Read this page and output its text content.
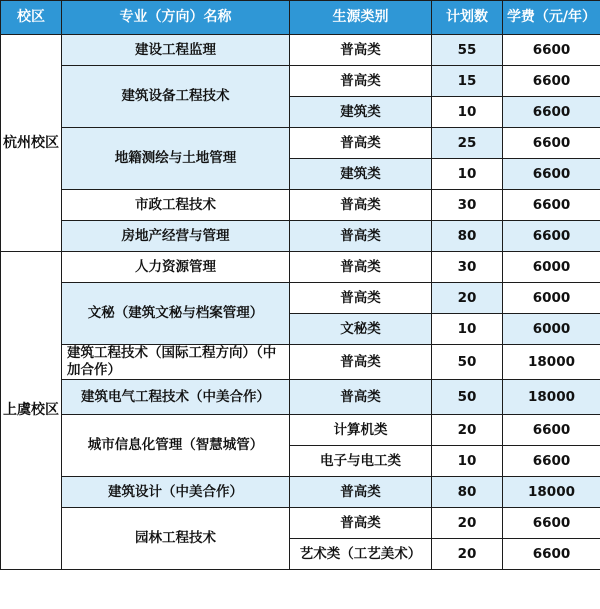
校区	专业（方向）名称	生源类别	计划数	学费（元/年）
杭州校区	建设工程监理	普高类	55	6600
	建筑设备工程技术	普高类	15	6600
		建筑类	10	6600
	地籍测绘与土地管理	普高类	25	6600
		建筑类	10	6600
	市政工程技术	普高类	30	6600
	房地产经营与管理	普高类	80	6600
上虞校区	人力资源管理	普高类	30	6000
	文秘（建筑文秘与档案管理）	普高类	20	6000
		文秘类	10	6000
	建筑工程技术（国际工程方向）（中加合作）	普高类	50	18000
	建筑电气工程技术（中美合作）	普高类	50	18000
	城市信息化管理（智慧城管）	计算机类	20	6600
		电子与电工类	10	6600
	建筑设计（中美合作）	普高类	80	18000
	园林工程技术	普高类	20	6600
		艺术类（工艺美术）	20	6600
